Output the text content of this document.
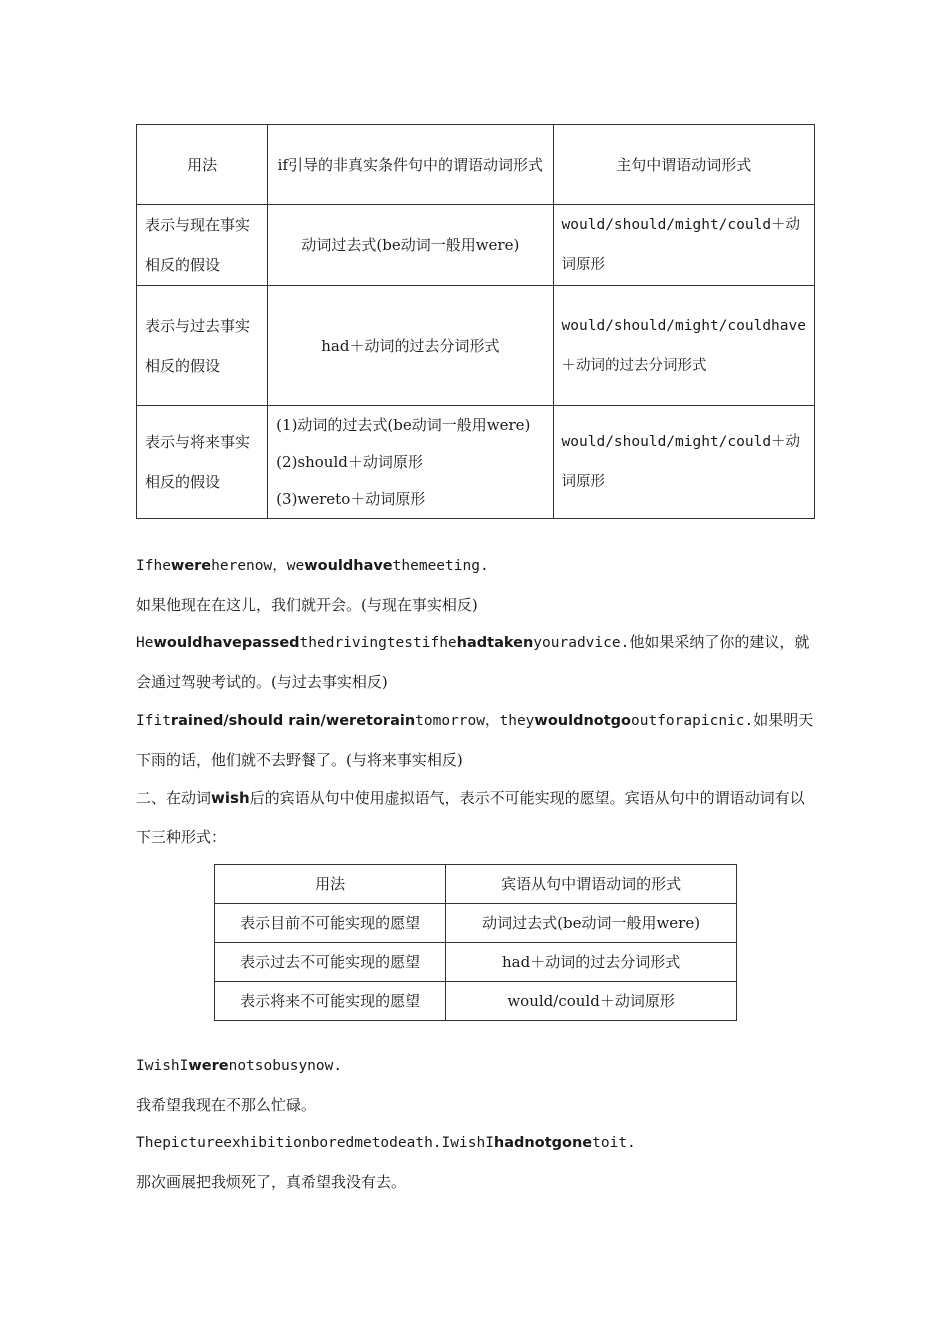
用法	if引导的非真实条件句中的谓语动词形式	主句中谓语动词形式
表示与现在事实相反的假设	动词过去式(be动词一般用were)	would/should/might/could＋动词原形
表示与过去事实相反的假设	had＋动词的过去分词形式	would/should/might/couldhave＋动词的过去分词形式
表示与将来事实相反的假设	(1)动词的过去式(be动词一般用were)
(2)should＋动词原形
(3)wereto＋动词原形	would/should/might/could＋动词原形
Ifhewereherenow，wewouldhavethemeeting.
如果他现在在这儿，我们就开会。(与现在事实相反)
Hewouldhavepassedthedrivingtestifhehadtakenyouradvice.他如果采纳了你的建议，就会通过驾驶考试的。(与过去事实相反)
Ifitrained/should rain/weretoraintomorrow，theywouldnotgooutforapicnic.如果明天下雨的话，他们就不去野餐了。(与将来事实相反)
二、在动词wish后的宾语从句中使用虚拟语气，表示不可能实现的愿望。宾语从句中的谓语动词有以下三种形式：
用法	宾语从句中谓语动词的形式
表示目前不可能实现的愿望	动词过去式(be动词一般用were)
表示过去不可能实现的愿望	had＋动词的过去分词形式
表示将来不可能实现的愿望	would/could＋动词原形
IwishIwerenotsobusynow.
我希望我现在不那么忙碌。
Thepictureexhibitionboredmetodeath.IwishIhadnotgonetoit.
那次画展把我烦死了，真希望我没有去。
